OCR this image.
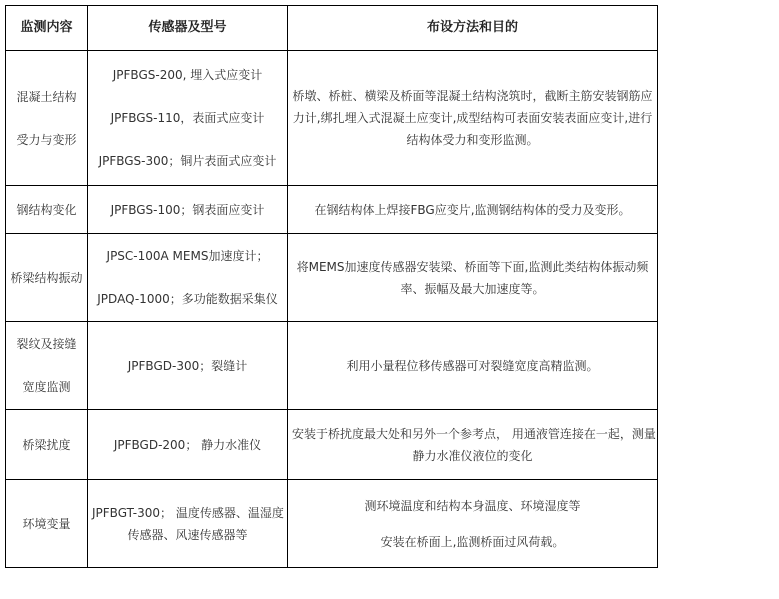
监测内容	传感器及型号	布设方法和目的

混凝土结构
受力与变形	JPFBGS-200, 埋入式应变计
JPFBGS-110，表面式应变计
JPFBGS-300；铜片表面式应变计	桥墩、桥桩、横梁及桥面等混凝土结构浇筑时，截断主筋安装钢筋应
力计,绑扎埋入式混凝土应变计,成型结构可表面安装表面应变计,进行
结构体受力和变形监测。

钢结构变化	JPFBGS-100；钢表面应变计	在钢结构体上焊接FBG应变片,监测钢结构体的受力及变形。

桥梁结构振动	JPSC-100A MEMS加速度计；
JPDAQ-1000；多功能数据采集仪	将MEMS加速度传感器安装梁、桥面等下面,监测此类结构体振动频
率、振幅及最大加速度等。

裂纹及接缝
宽度监测	JPFBGD-300；裂缝计	利用小量程位移传感器可对裂缝宽度高精监测。

桥梁扰度	JPFBGD-200； 静力水准仪	安装于桥扰度最大处和另外一个参考点， 用通液管连接在一起，测量
静力水准仪液位的变化

环境变量	JPFBGT-300； 温度传感器、温湿度
传感器、风速传感器等	测环境温度和结构本身温度、环境湿度等
安装在桥面上,监测桥面过风荷载。
